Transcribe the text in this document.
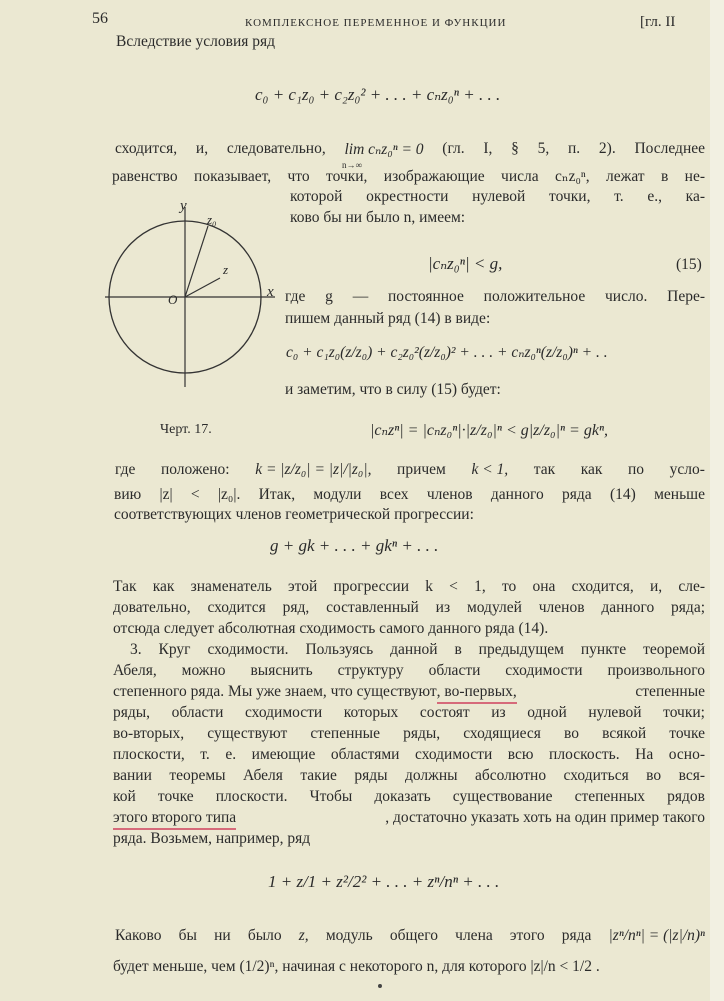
56	КОМПЛЕКСНОЕ ПЕРЕМЕННОЕ И ФУНКЦИИ	[гл. II
Вследствие условия ряд
c₀ + c₁z₀ + c₂z₀² + . . . + cₙz₀ⁿ + . . .
сходится, и, следовательно, lim cₙz₀ⁿ = 0 (гл. I, § 5, п. 2). Последнее
n→∞
равенство показывает, что точки, изображающие числа cₙz₀ⁿ, лежат в не-
которой окрестности нулевой точки, т. е., ка-
ково бы ни было n, имеем:
y
x
O
z₀
z
Черт. 17.
|cₙz₀ⁿ| < g,	(15)
где g — постоянное положительное число. Пере-
пишем данный ряд (14) в виде:
c₀ + c₁z₀(z/z₀) + c₂z₀²(z/z₀)² + . . . + cₙz₀ⁿ(z/z₀)ⁿ + . .
и заметим, что в силу (15) будет:
|cₙzⁿ| = |cₙz₀ⁿ|·|z/z₀|ⁿ < g|z/z₀|ⁿ = gkⁿ,
где положено: k = |z/z₀| = |z|/|z₀|, причем k < 1, так как по усло-
вию |z| < |z₀|. Итак, модули всех членов данного ряда (14) меньше
соответствующих членов геометрической прогрессии:
g + gk + . . . + gkⁿ + . . .
Так как знаменатель этой прогрессии k < 1, то она сходится, и, сле-
довательно, сходится ряд, составленный из модулей членов данного ряда;
отсюда следует абсолютная сходимость самого данного ряда (14).
3. Круг сходимости. Пользуясь данной в предыдущем пункте теоремой
Абеля, можно выяснить структуру области сходимости произвольного
степенного ряда. Мы уже знаем, что существуют , во-первых,	степенные
ряды, области сходимости которых состоят из одной нулевой точки;
во-вторых, существуют степенные ряды, сходящиеся во всякой точке
плоскости, т. е. имеющие областями сходимости всю плоскость. На осно-
вании теоремы Абеля такие ряды должны абсолютно сходиться во вся-
кой точке плоскости. Чтобы доказать существование степенных рядов
этого второго типа	, достаточно указать хоть на один пример такого
ряда. Возьмем, например, ряд
1 + z/1 + z²/2² + . . . + zⁿ/nⁿ + . . .
Каково бы ни было z, модуль общего члена этого ряда |zⁿ/nⁿ| = (|z|/n)ⁿ
будет меньше, чем (1/2)ⁿ, начиная с некоторого n, для которого |z|/n < 1/2 .
